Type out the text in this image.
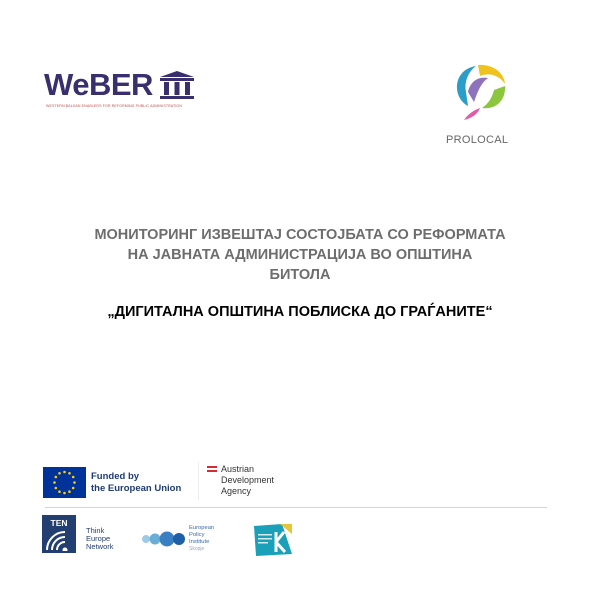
WeBER
WESTERN BALKAN ENABLERS FOR REFORMING PUBLIC ADMINISTRATION
PROLOCAL
МОНИТОРИНГ ИЗВЕШТАЈ СОСТОЈБАТА СО РЕФОРМАТА
НА ЈАВНАТА АДМИНИСТРАЦИЈА ВО ОПШТИНА
БИТОЛА
„ДИГИТАЛНА ОПШТИНА ПОБЛИСКА ДО ГРАЃАНИТЕ“
Funded by
the European Union
Austrian
Development
Agency
TEN
Think
Europe
Network
European
Policy
Institute
Skopje
